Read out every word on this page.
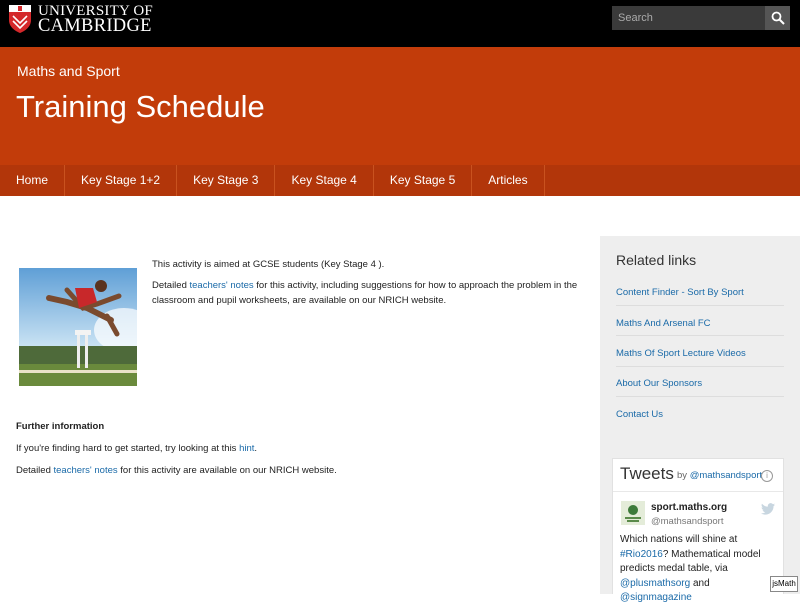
UNIVERSITY OF
CAMBRIDGE
Search
Maths and Sport
Training Schedule
Home	Key Stage 1+2	Key Stage 3	Key Stage 4	Key Stage 5	Articles
This activity is aimed at GCSE students (Key Stage 4 ).
Detailed teachers' notes for this activity, including suggestions for how to approach the problem in the
classroom and pupil worksheets, are available on our NRICH website.
Further information
If you're finding hard to get started, try looking at this hint.
Detailed teachers' notes for this activity are available on our NRICH website.
Related links
Content Finder - Sort By Sport
Maths And Arsenal FC
Maths Of Sport Lecture Videos
About Our Sponsors
Contact Us
Tweets by @mathsandsport i
sport.maths.org
@mathsandsport
Which nations will shine at
#Rio2016? Mathematical model predicts medal table, via
@plusmathsorg and @signmagazine
jsMath
